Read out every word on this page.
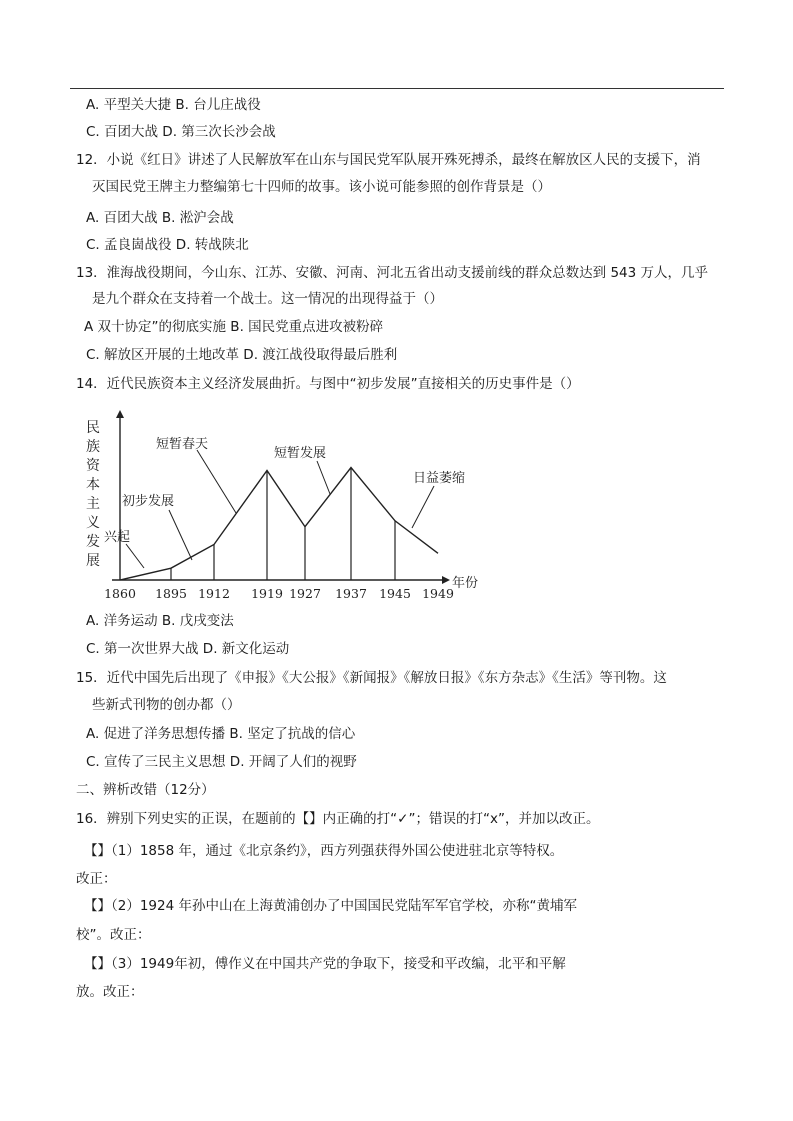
A. 平型关大捷 B. 台儿庄战役
C. 百团大战 D. 第三次长沙会战
12．小说《红日》讲述了人民解放军在山东与国民党军队展开殊死搏杀，最终在解放区人民的支援下，消
灭国民党王牌主力整编第七十四师的故事。该小说可能参照的创作背景是（）
A. 百团大战 B. 淞沪会战
C. 孟良崮战役 D. 转战陕北
13．淮海战役期间，今山东、江苏、安徽、河南、河北五省出动支援前线的群众总数达到 543 万人，几乎
是九个群众在支持着一个战士。这一情况的出现得益于（）
A 双十协定”的彻底实施 B. 国民党重点进攻被粉碎
C. 解放区开展的土地改革 D. 渡江战役取得最后胜利
14．近代民族资本主义经济发展曲折。与图中“初步发展”直接相关的历史事件是（）
民族资本主义发展
年份
1860 1895 1912 1919 1927 1937 1945 1949
兴起
初步发展
短暂春天
短暂发展
日益萎缩
A. 洋务运动 B. 戊戌变法
C. 第一次世界大战 D. 新文化运动
15．近代中国先后出现了《申报》《大公报》《新闻报》《解放日报》《东方杂志》《生活》等刊物。这
些新式刊物的创办都（）
A. 促进了洋务思想传播 B. 坚定了抗战的信心
C. 宣传了三民主义思想 D. 开阔了人们的视野
二、辨析改错（12分）
16．辨别下列史实的正误，在题前的【】内正确的打“✓”；错误的打“x”，并加以改正。
【】（1）1858 年，通过《北京条约》，西方列强获得外国公使进驻北京等特权。
改正：
【】（2）1924 年孙中山在上海黄浦创办了中国国民党陆军军官学校，亦称“黄埔军
校”。改正：
【】（3）1949年初，傅作义在中国共产党的争取下，接受和平改编，北平和平解
放。改正：
